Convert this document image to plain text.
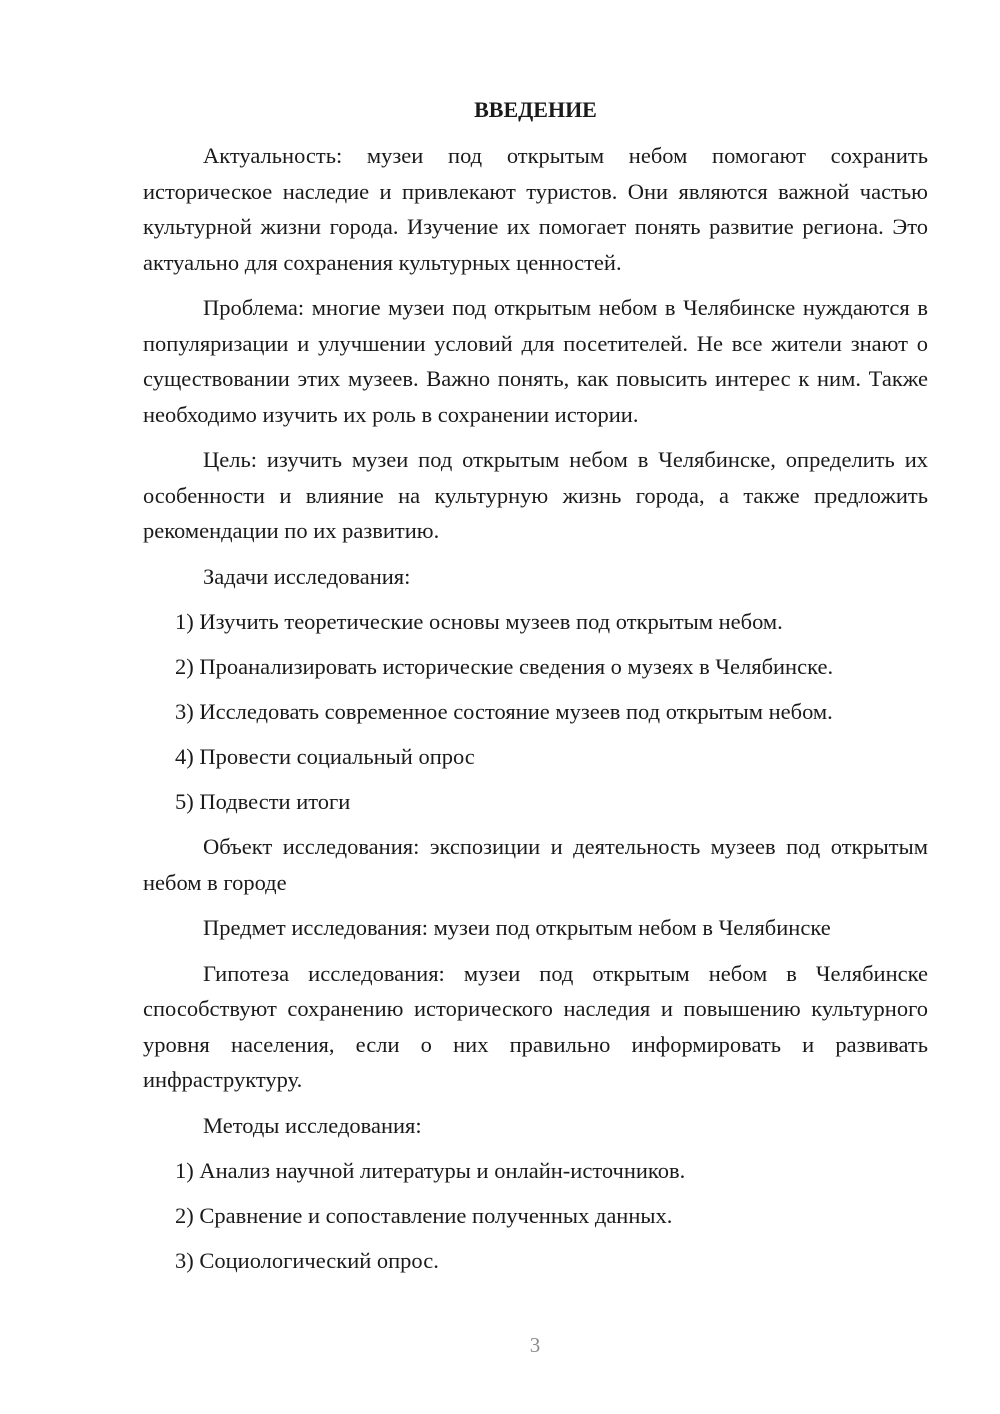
ВВЕДЕНИЕ
Актуальность: музеи под открытым небом помогают сохранить историческое наследие и привлекают туристов. Они являются важной частью культурной жизни города. Изучение их помогает понять развитие региона. Это актуально для сохранения культурных ценностей.
Проблема: многие музеи под открытым небом в Челябинске нуждаются в популяризации и улучшении условий для посетителей. Не все жители знают о существовании этих музеев. Важно понять, как повысить интерес к ним. Также необходимо изучить их роль в сохранении истории.
Цель: изучить музеи под открытым небом в Челябинске, определить их особенности и влияние на культурную жизнь города, а также предложить рекомендации по их развитию.
Задачи исследования:
1) Изучить теоретические основы музеев под открытым небом.
2) Проанализировать исторические сведения о музеях в Челябинске.
3) Исследовать современное состояние музеев под открытым небом.
4) Провести социальный опрос
5) Подвести итоги
Объект исследования: экспозиции и деятельность музеев под открытым небом в городе
Предмет исследования: музеи под открытым небом в Челябинске
Гипотеза исследования: музеи под открытым небом в Челябинске способствуют сохранению исторического наследия и повышению культурного уровня населения, если о них правильно информировать и развивать инфраструктуру.
Методы исследования:
1) Анализ научной литературы и онлайн-источников.
2) Сравнение и сопоставление полученных данных.
3) Социологический опрос.
3
